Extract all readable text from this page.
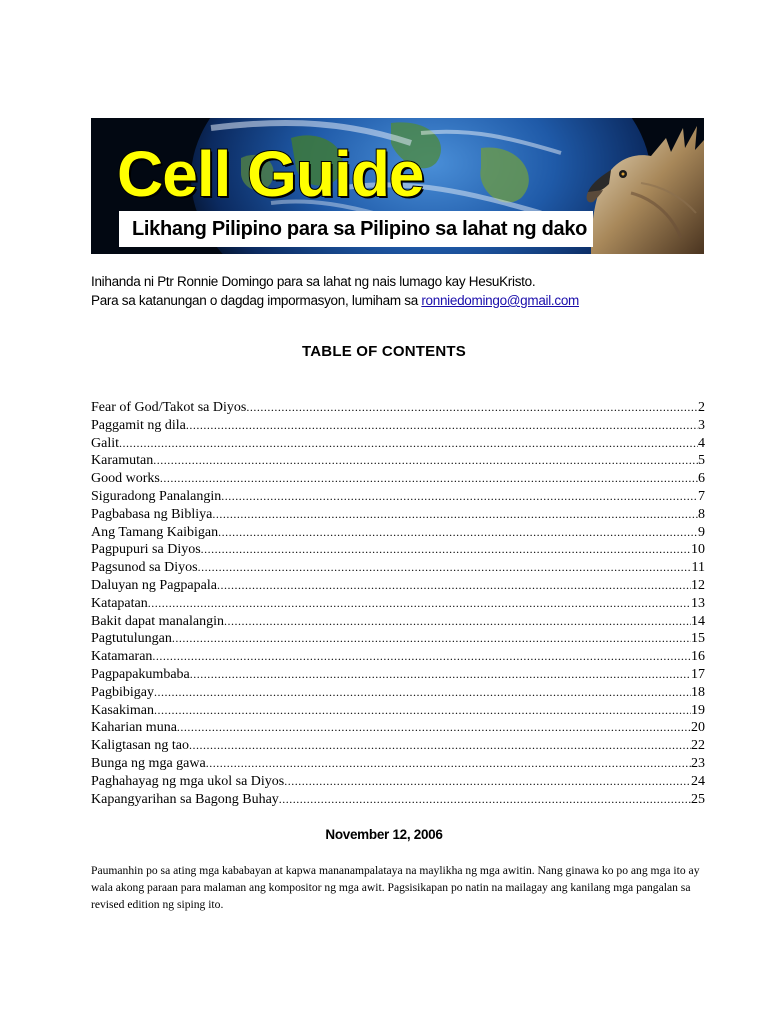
Cell Guide
Likhang Pilipino para sa Pilipino sa lahat ng dako
Inihanda ni Ptr Ronnie Domingo para sa lahat ng nais lumago kay HesuKristo.
Para sa katanungan o dagdag impormasyon, lumiham sa ronniedomingo@gmail.com
TABLE OF CONTENTS
Fear of God/Takot sa Diyos .....	2
Paggamit ng dila .....	3
Galit .....	4
Karamutan .....	5
Good works .....	6
Siguradong Panalangin .....	7
Pagbabasa ng Bibliya .....	8
Ang Tamang Kaibigan .....	9
Pagpupuri sa Diyos .....	10
Pagsunod sa Diyos .....	11
Daluyan ng Pagpapala .....	12
Katapatan .....	13
Bakit dapat manalangin .....	14
Pagtutulungan .....	15
Katamaran .....	16
Pagpapakumbaba .....	17
Pagbibigay .....	18
Kasakiman .....	19
Kaharian muna .....	20
Kaligtasan ng tao .....	22
Bunga ng mga gawa .....	23
Paghahayag ng mga ukol sa Diyos .....	24
Kapangyarihan sa Bagong Buhay .....	25
November 12, 2006
Paumanhin po sa ating mga kababayan at kapwa mananampalataya na maylikha ng mga awitin. Nang ginawa ko po ang mga ito ay wala akong paraan para malaman ang kompositor ng mga awit. Pagsisikapan po natin na mailagay ang kanilang mga pangalan sa revised edition ng siping ito.
